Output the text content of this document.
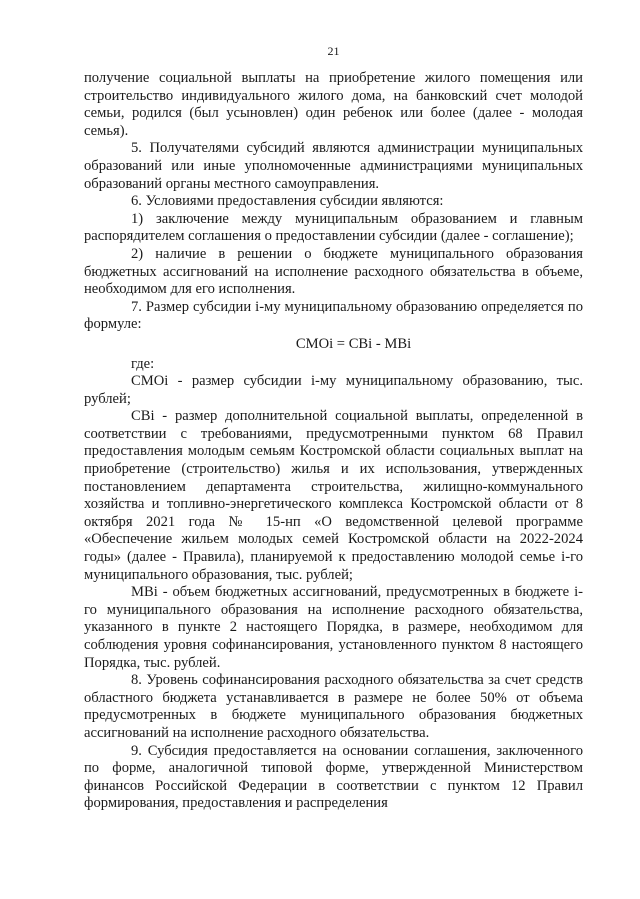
21

получение социальной выплаты на приобретение жилого помещения или строительство индивидуального жилого дома, на банковский счет молодой семьи, родился (был усыновлен) один ребенок или более (далее - молодая семья).

5. Получателями субсидий являются администрации муниципальных образований или иные уполномоченные администрациями муниципальных образований органы местного самоуправления.

6. Условиями предоставления субсидии являются:

1) заключение между муниципальным образованием и главным распорядителем соглашения о предоставлении субсидии (далее - соглашение);

2) наличие в решении о бюджете муниципального образования бюджетных ассигнований на исполнение расходного обязательства в объеме, необходимом для его исполнения.

7. Размер субсидии i-му муниципальному образованию определяется по формуле:

СМОi = СВi - МВi

где:

СМОi - размер субсидии i-му муниципальному образованию, тыс. рублей;

СВi - размер дополнительной социальной выплаты, определенной в соответствии с требованиями, предусмотренными пунктом 68 Правил предоставления молодым семьям Костромской области социальных выплат на приобретение (строительство) жилья и их использования, утвержденных постановлением департамента строительства, жилищно-коммунального хозяйства и топливно-энергетического комплекса Костромской области от 8 октября 2021 года № 15-нп «О ведомственной целевой программе «Обеспечение жильем молодых семей Костромской области на 2022-2024 годы» (далее - Правила), планируемой к предоставлению молодой семье i-го муниципального образования, тыс. рублей;

МВi - объем бюджетных ассигнований, предусмотренных в бюджете i-го муниципального образования на исполнение расходного обязательства, указанного в пункте 2 настоящего Порядка, в размере, необходимом для соблюдения уровня софинансирования, установленного пунктом 8 настоящего Порядка, тыс. рублей.

8. Уровень софинансирования расходного обязательства за счет средств областного бюджета устанавливается в размере не более 50% от объема предусмотренных в бюджете муниципального образования бюджетных ассигнований на исполнение расходного обязательства.

9. Субсидия предоставляется на основании соглашения, заключенного по форме, аналогичной типовой форме, утвержденной Министерством финансов Российской Федерации в соответствии с пунктом 12 Правил формирования, предоставления и распределения
